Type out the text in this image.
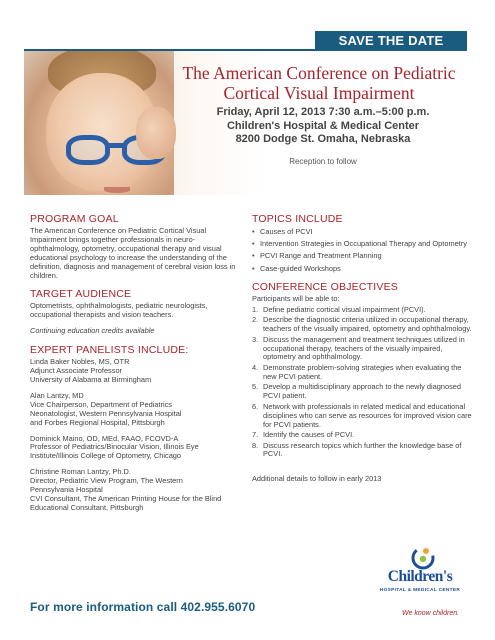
SAVE THE DATE
The American Conference on Pediatric
Cortical Visual Impairment
Friday, April 12, 2013 7:30 a.m.–5:00 p.m.
Children's Hospital & Medical Center
8200 Dodge St. Omaha, Nebraska
Reception to follow
PROGRAM GOAL
The American Conference on Pediatric Cortical Visual Impairment brings together professionals in neuro-ophthalmology, optometry, occupational therapy and visual educational psychology to increase the understanding of the definition, diagnosis and management of cerebral vision loss in children.
TARGET AUDIENCE
Optometrists, ophthalmologists, pediatric neurologists, occupational therapists and vision teachers.
Continuing education credits available
EXPERT PANELISTS INCLUDE:
Linda Baker Nobles, MS, OTR
Adjunct Associate Professor
University of Alabama at Birmingham
Alan Lantzy, MD
Vice Chairperson, Department of Pediatrics
Neonatologist, Western Pennsylvania Hospital
and Forbes Regional Hospital, Pittsburgh
Dominick Maino, OD, MEd, FAAO, FCOVD-A
Professor of Pediatrics/Binocular Vision, Illinois Eye
Institute/Illinois College of Optometry, Chicago
Christine Roman Lantzy, Ph.D.
Director, Pediatric View Program, The Western
Pennsylvania Hospital
CVI Consultant, The American Printing House for the Blind
Educational Consultant, Pittsburgh
TOPICS INCLUDE
• Causes of PCVI
• Intervention Strategies in Occupational Therapy and Optometry
• PCVI Range and Treatment Planning
• Case-guided Workshops
CONFERENCE OBJECTIVES
Participants will be able to:
1. Define pediatric cortical visual impairment (PCVI).
2. Describe the diagnostic criteria utilized in occupational therapy, teachers of the visually impaired, optometry and ophthalmology.
3. Discuss the management and treatment techniques utilized in occupational therapy, teachers of the visually impaired, optometry and ophthalmology.
4. Demonstrate problem-solving strategies when evaluating the new PCVI patient.
5. Develop a multidisciplinary approach to the newly diagnosed PCVI patient.
6. Network with professionals in related medical and educational disciplines who can serve as resources for improved vision care for PCVI patients.
7. Identify the causes of PCVI.
8. Discuss research topics which further the knowledge base of PCVI.
Additional details to follow in early 2013
For more information call 402.955.6070
Children's
HOSPITAL & MEDICAL CENTER
We know children.
